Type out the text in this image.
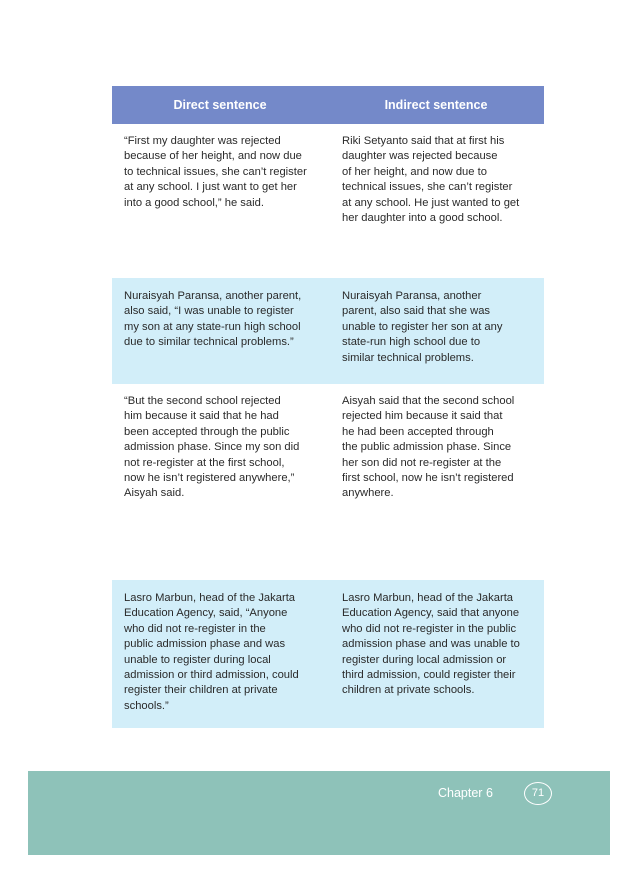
Direct sentence	Indirect sentence
“First my daughter was rejected
because of her height, and now due
to technical issues, she can’t register
at any school. I just want to get her
into a good school,” he said.
Riki Setyanto said that at first his
daughter was rejected because
of her height, and now due to
technical issues, she can’t register
at any school. He just wanted to get
her daughter into a good school.
Nuraisyah Paransa, another parent,
also said, “I was unable to register
my son at any state-run high school
due to similar technical problems.”
Nuraisyah Paransa, another
parent, also said that she was
unable to register her son at any
state-run high school due to
similar technical problems.
“But the second school rejected
him because it said that he had
been accepted through the public
admission phase. Since my son did
not re-register at the first school,
now he isn’t registered anywhere,”
Aisyah said.
Aisyah said that the second school
rejected him because it said that
he had been accepted through
the public admission phase. Since
her son did not re-register at the
first school, now he isn’t registered
anywhere.
Lasro Marbun, head of the Jakarta
Education Agency, said, “Anyone
who did not re-register in the
public admission phase and was
unable to register during local
admission or third admission, could
register their children at private
schools.”
Lasro Marbun, head of the Jakarta
Education Agency, said that anyone
who did not re-register in the public
admission phase and was unable to
register during local admission or
third admission, could register their
children at private schools.
Chapter 6	71
